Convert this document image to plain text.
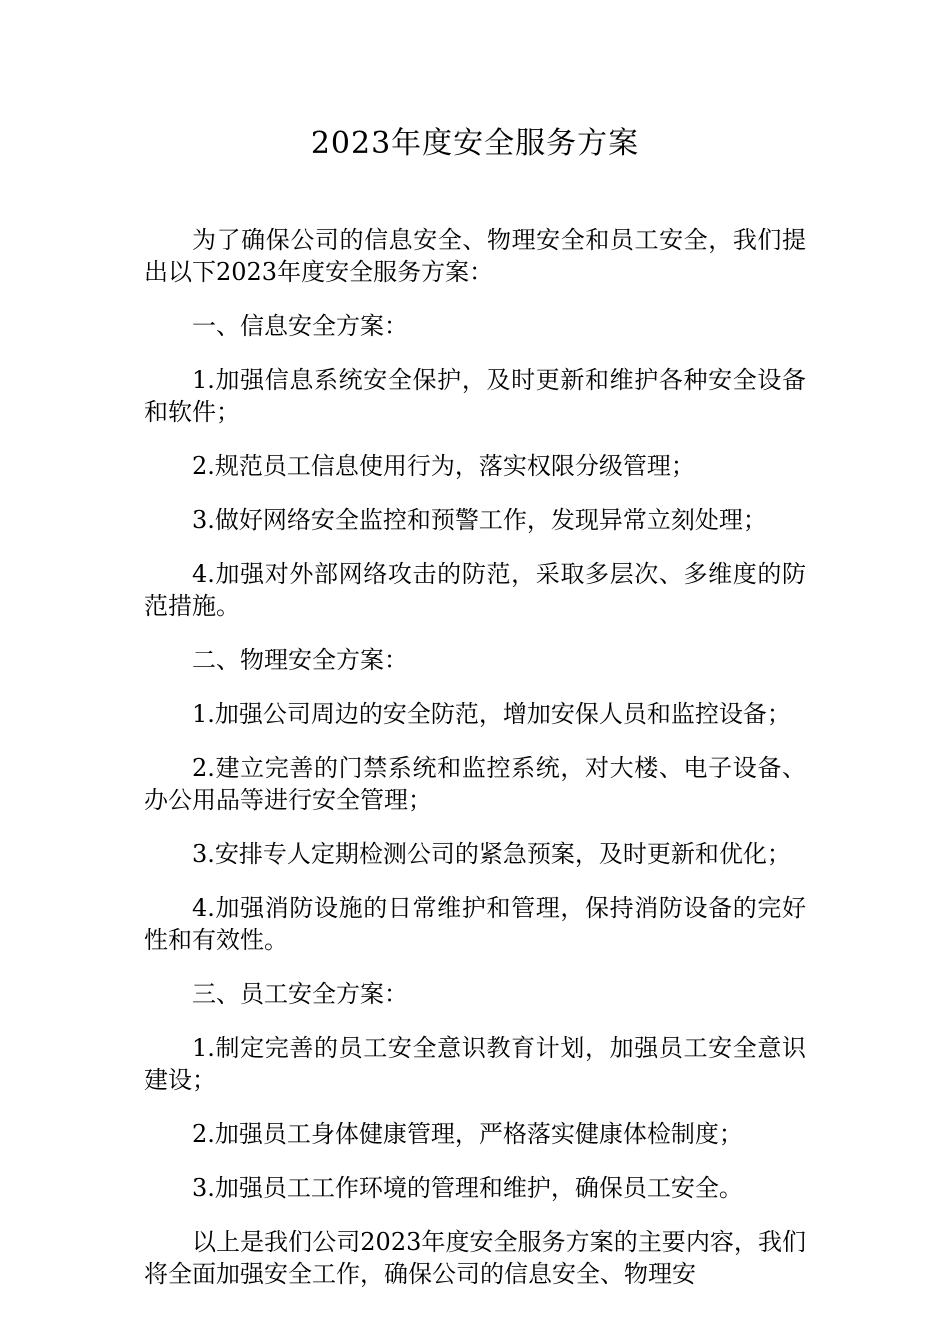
2023年度安全服务方案

为了确保公司的信息安全、物理安全和员工安全，我们提出以下2023年度安全服务方案：

一、信息安全方案：

1.加强信息系统安全保护，及时更新和维护各种安全设备和软件；

2.规范员工信息使用行为，落实权限分级管理；

3.做好网络安全监控和预警工作，发现异常立刻处理；

4.加强对外部网络攻击的防范，采取多层次、多维度的防范措施。

二、物理安全方案：

1.加强公司周边的安全防范，增加安保人员和监控设备；

2.建立完善的门禁系统和监控系统，对大楼、电子设备、办公用品等进行安全管理；

3.安排专人定期检测公司的紧急预案，及时更新和优化；

4.加强消防设施的日常维护和管理，保持消防设备的完好性和有效性。

三、员工安全方案：

1.制定完善的员工安全意识教育计划，加强员工安全意识建设；

2.加强员工身体健康管理，严格落实健康体检制度；

3.加强员工工作环境的管理和维护，确保员工安全。

以上是我们公司2023年度安全服务方案的主要内容，我们将全面加强安全工作，确保公司的信息安全、物理安
